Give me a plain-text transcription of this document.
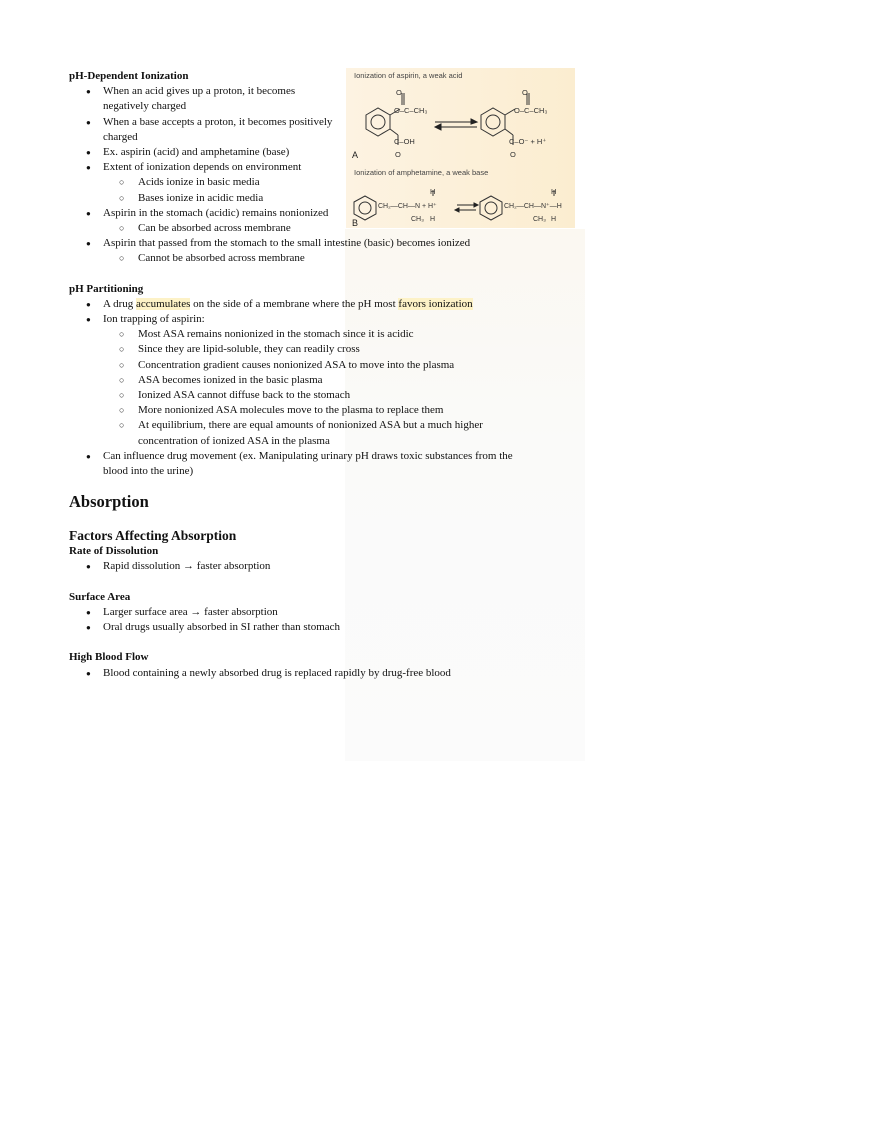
Ionization of aspirin, a weak acid
O
O–C–CH₃
C–OH
O
O
O–C–CH₃
C–O⁻ + H⁺
O
A
Ionization of amphetamine, a weak base
H
CH₂—CH—N + H⁺
CH₃ H
H
CH₂—CH—N⁺—H
CH₃ H
B

pH-Dependent Ionization

● When an acid gives up a proton, it becomes negatively charged
● When a base accepts a proton, it becomes positively charged
● Ex. aspirin (acid) and amphetamine (base)
● Extent of ionization depends on environment
○ Acids ionize in basic media
○ Bases ionize in acidic media
● Aspirin in the stomach (acidic) remains nonionized
○ Can be absorbed across membrane
● Aspirin that passed from the stomach to the small intestine (basic) becomes ionized
○ Cannot be absorbed across membrane

pH Partitioning

● A drug accumulates on the side of a membrane where the pH most favors ionization
● Ion trapping of aspirin:
○ Most ASA remains nonionized in the stomach since it is acidic
○ Since they are lipid-soluble, they can readily cross
○ Concentration gradient causes nonionized ASA to move into the plasma
○ ASA becomes ionized in the basic plasma
○ Ionized ASA cannot diffuse back to the stomach
○ More nonionized ASA molecules move to the plasma to replace them
○ At equilibrium, there are equal amounts of nonionized ASA but a much higher concentration of ionized ASA in the plasma
● Can influence drug movement (ex. Manipulating urinary pH draws toxic substances from the blood into the urine)

Absorption

Factors Affecting Absorption

Rate of Dissolution

● Rapid dissolution → faster absorption

Surface Area

● Larger surface area → faster absorption
● Oral drugs usually absorbed in SI rather than stomach

High Blood Flow

● Blood containing a newly absorbed drug is replaced rapidly by drug-free blood
